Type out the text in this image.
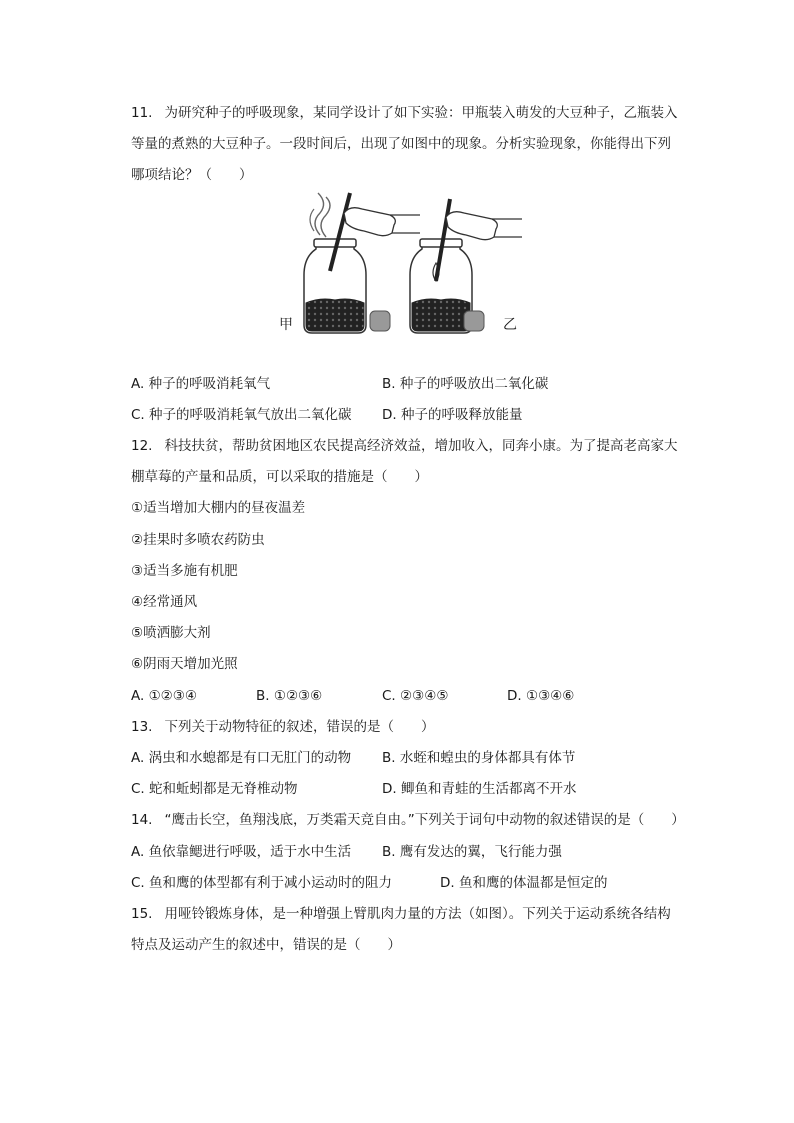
11. 为研究种子的呼吸现象，某同学设计了如下实验：甲瓶装入萌发的大豆种子，乙瓶装入
等量的煮熟的大豆种子。一段时间后，出现了如图中的现象。分析实验现象，你能得出下列
哪项结论？（　　）
甲	乙
A. 种子的呼吸消耗氧气	B. 种子的呼吸放出二氧化碳
C. 种子的呼吸消耗氧气放出二氧化碳 D. 种子的呼吸释放能量
12. 科技扶贫，帮助贫困地区农民提高经济效益，增加收入，同奔小康。为了提高老高家大
棚草莓的产量和品质，可以采取的措施是（　　）
①适当增加大棚内的昼夜温差
②挂果时多喷农药防虫
③适当多施有机肥
④经常通风
⑤喷洒膨大剂
⑥阴雨天增加光照
A. ①②③④	B. ①②③⑥	C. ②③④⑤	D. ①③④⑥
13. 下列关于动物特征的叙述，错误的是（　　）
A. 涡虫和水螅都是有口无肛门的动物 B. 水蛭和蝗虫的身体都具有体节
C. 蛇和蚯蚓都是无脊椎动物	D. 鲫鱼和青蛙的生活都离不开水
14. “鹰击长空，鱼翔浅底，万类霜天竞自由。”下列关于词句中动物的叙述错误的是（　　）
A. 鱼依靠鳃进行呼吸，适于水中生活 B. 鹰有发达的翼，飞行能力强
C. 鱼和鹰的体型都有利于减小运动时的阻力	D. 鱼和鹰的体温都是恒定的
15. 用哑铃锻炼身体，是一种增强上臂肌肉力量的方法（如图）。下列关于运动系统各结构
特点及运动产生的叙述中，错误的是（　　）
